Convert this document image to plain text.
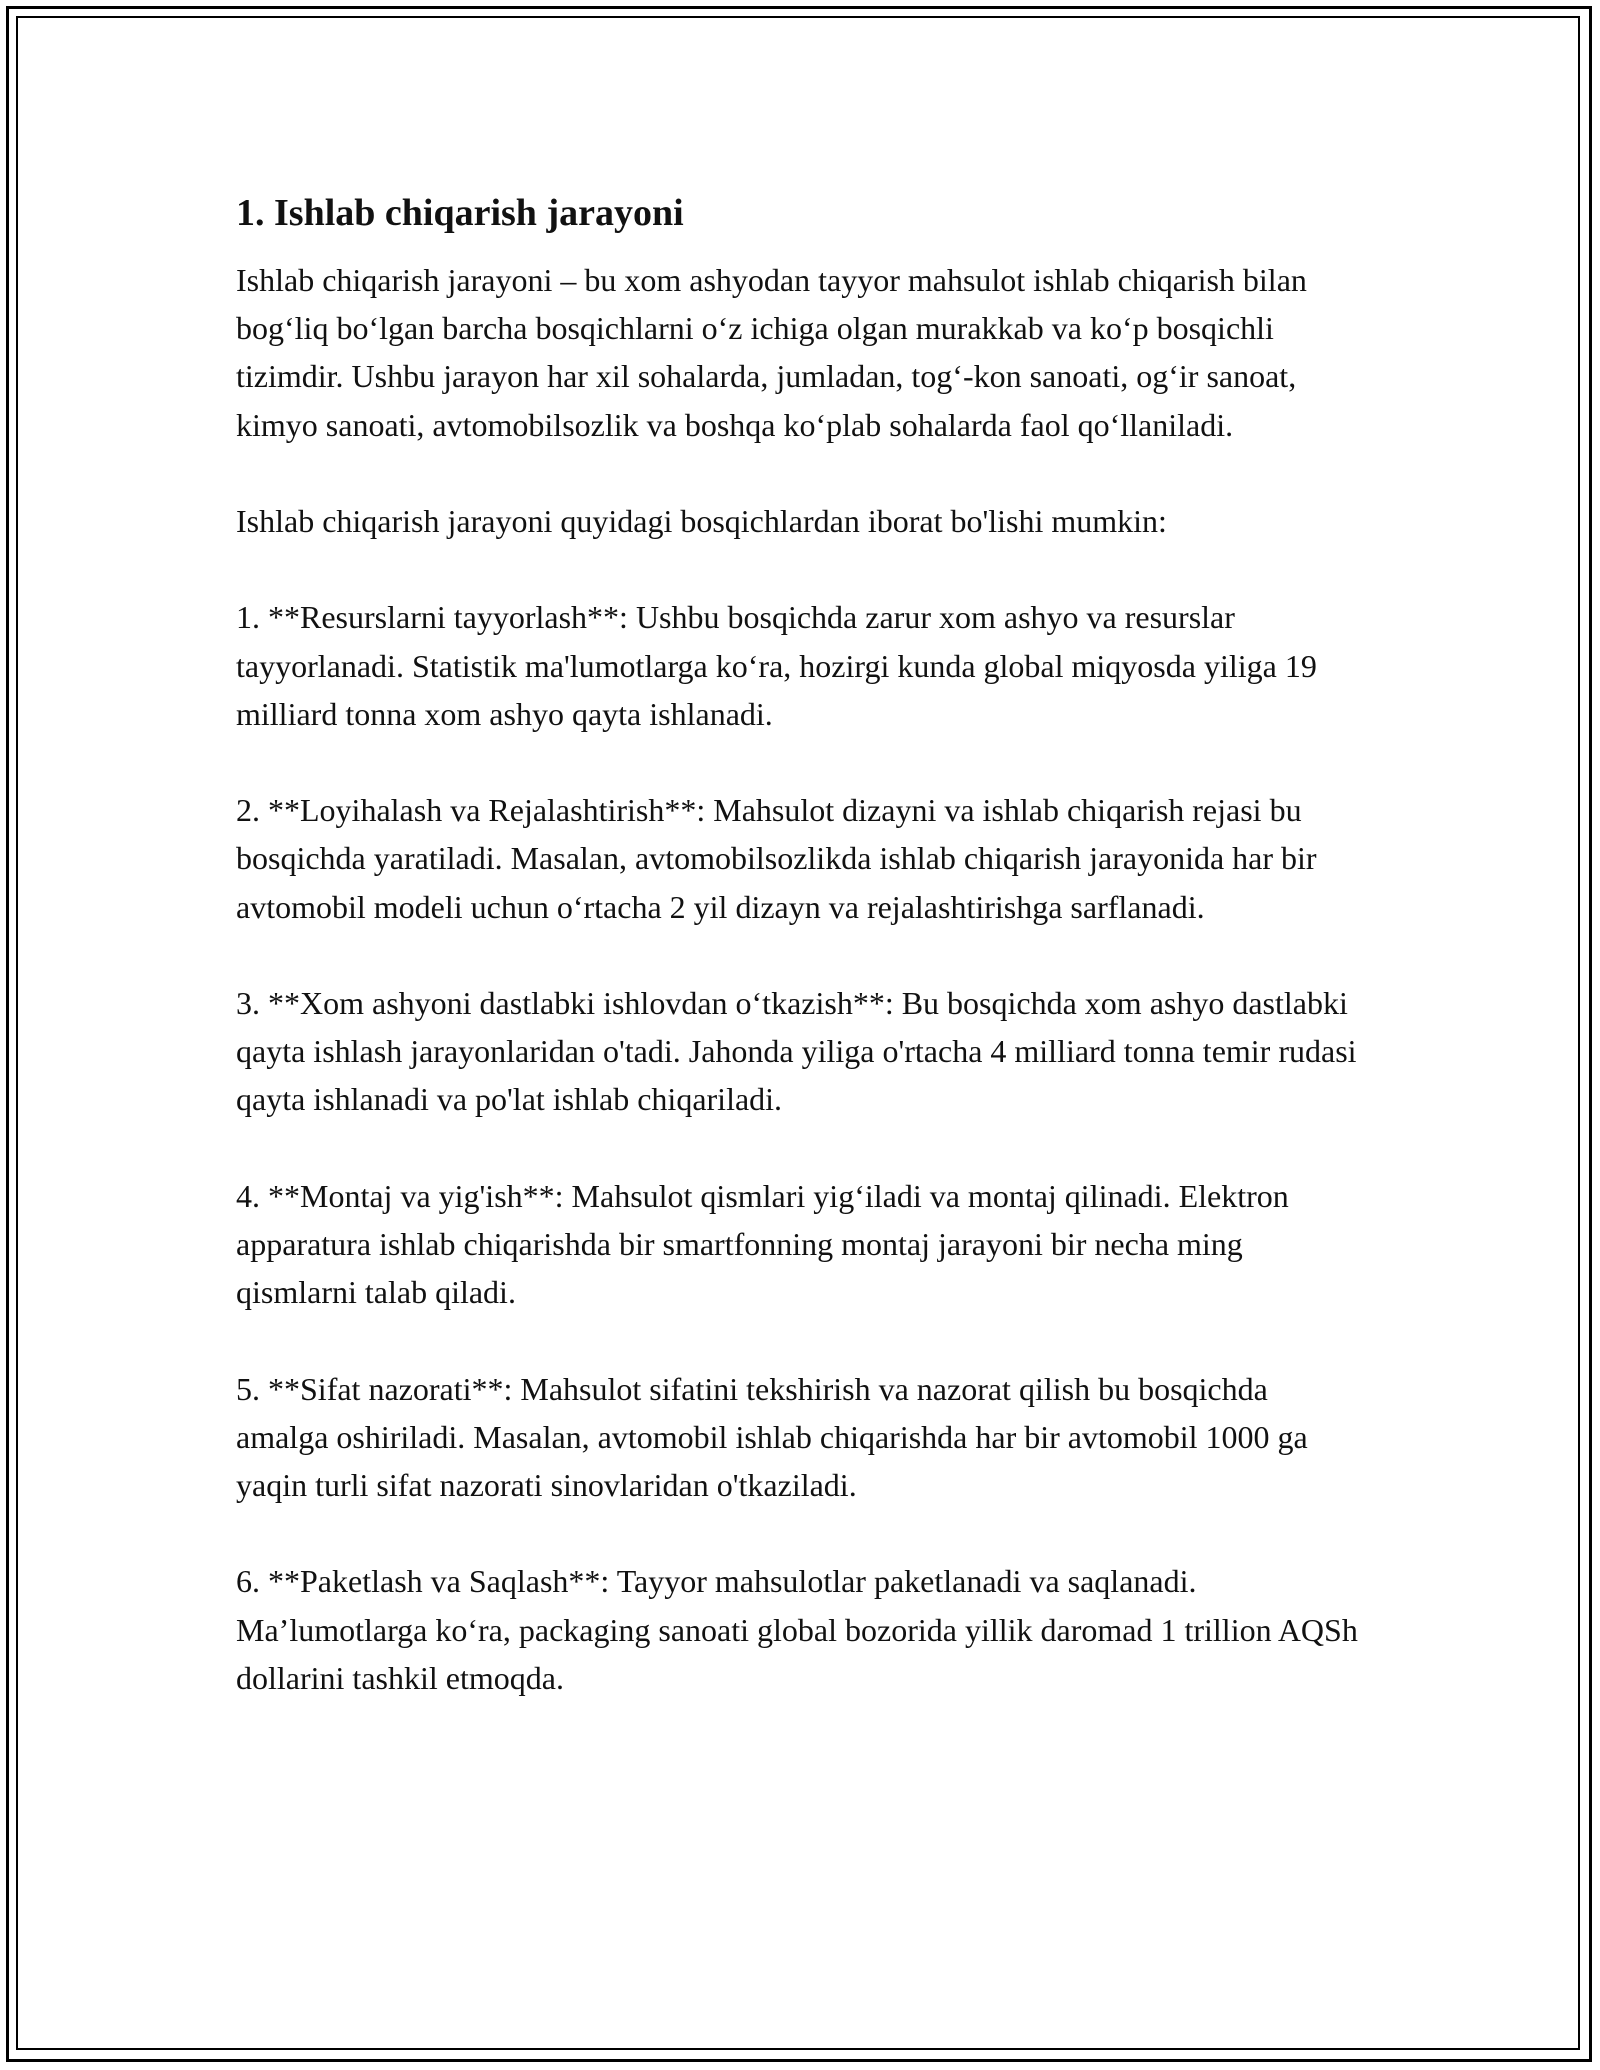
1. Ishlab chiqarish jarayoni

Ishlab chiqarish jarayoni – bu xom ashyodan tayyor mahsulot ishlab chiqarish bilan bog‘liq bo‘lgan barcha bosqichlarni o‘z ichiga olgan murakkab va ko‘p bosqichli tizimdir. Ushbu jarayon har xil sohalarda, jumladan, tog‘-kon sanoati, og‘ir sanoat, kimyo sanoati, avtomobilsozlik va boshqa ko‘plab sohalarda faol qo‘llaniladi.

Ishlab chiqarish jarayoni quyidagi bosqichlardan iborat bo'lishi mumkin:

1. **Resurslarni tayyorlash**: Ushbu bosqichda zarur xom ashyo va resurslar tayyorlanadi. Statistik ma'lumotlarga ko‘ra, hozirgi kunda global miqyosda yiliga 19 milliard tonna xom ashyo qayta ishlanadi.

2. **Loyihalash va Rejalashtirish**: Mahsulot dizayni va ishlab chiqarish rejasi bu bosqichda yaratiladi. Masalan, avtomobilsozlikda ishlab chiqarish jarayonida har bir avtomobil modeli uchun o‘rtacha 2 yil dizayn va rejalashtirishga sarflanadi.

3. **Xom ashyoni dastlabki ishlovdan o‘tkazish**: Bu bosqichda xom ashyo dastlabki qayta ishlash jarayonlaridan o'tadi. Jahonda yiliga o'rtacha 4 milliard tonna temir rudasi qayta ishlanadi va po'lat ishlab chiqariladi.

4. **Montaj va yig'ish**: Mahsulot qismlari yig‘iladi va montaj qilinadi. Elektron apparatura ishlab chiqarishda bir smartfonning montaj jarayoni bir necha ming qismlarni talab qiladi.

5. **Sifat nazorati**: Mahsulot sifatini tekshirish va nazorat qilish bu bosqichda amalga oshiriladi. Masalan, avtomobil ishlab chiqarishda har bir avtomobil 1000 ga yaqin turli sifat nazorati sinovlaridan o'tkaziladi.

6. **Paketlash va Saqlash**: Tayyor mahsulotlar paketlanadi va saqlanadi. Ma’lumotlarga ko‘ra, packaging sanoati global bozorida yillik daromad 1 trillion AQSh dollarini tashkil etmoqda.
